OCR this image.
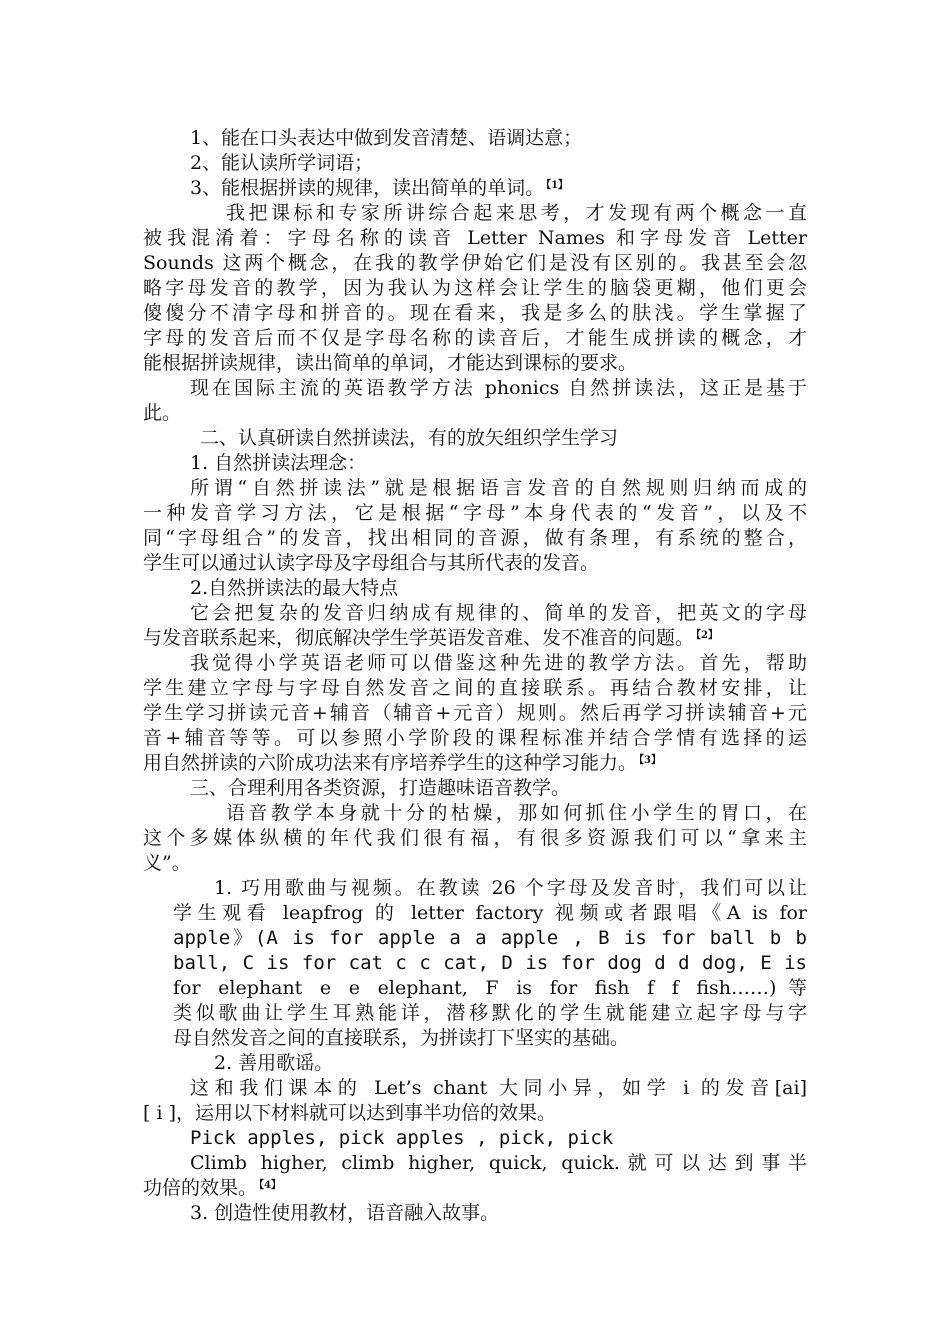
1、能在口头表达中做到发音清楚、语调达意；
2、能认读所学词语；
3、能根据拼读的规律，读出简单的单词。 $^{【1】}$
我把课标和专家所讲综合起来思考，才发现有两个概念一直
被我混淆着：字母名称的读音 Letter Names 和字母发音 Letter
Sounds 这两个概念，在我的教学伊始它们是没有区别的。我甚至会忽
略字母发音的教学，因为我认为这样会让学生的脑袋更糊，他们更会
傻傻分不清字母和拼音的。现在看来，我是多么的肤浅。学生掌握了
字母的发音后而不仅是字母名称的读音后，才能生成拼读的概念，才
能根据拼读规律，读出简单的单词，才能达到课标的要求。
现在国际主流的英语教学方法 phonics 自然拼读法，这正是基于
此。
二、认真研读自然拼读法，有的放矢组织学生学习
1. 自然拼读法理念：
所谓“自然拼读法”就是根据语言发音的自然规则归纳而成的
一种发音学习方法，它是根据“字母”本身代表的“发音”，以及不
同“字母组合”的发音，找出相同的音源，做有条理，有系统的整合，
学生可以通过认读字母及字母组合与其所代表的发音。
2.自然拼读法的最大特点
它会把复杂的发音归纳成有规律的、简单的发音，把英文的字母
与发音联系起来，彻底解决学生学英语发音难、发不准音的问题。 $^{【2】}$
我觉得小学英语老师可以借鉴这种先进的教学方法。首先，帮助
学生建立字母与字母自然发音之间的直接联系。再结合教材安排，让
学生学习拼读元音+辅音（辅音+元音）规则。然后再学习拼读辅音+元
音+辅音等等。可以参照小学阶段的课程标准并结合学情有选择的运
用自然拼读的六阶成功法来有序培养学生的这种学习能力。 $^{【3】}$
三、合理利用各类资源，打造趣味语音教学。
语音教学本身就十分的枯燥，那如何抓住小学生的胃口，在
这个多媒体纵横的年代我们很有福，有很多资源我们可以“拿来主
义”。
1. 巧用歌曲与视频。在教读 26 个字母及发音时，我们可以让
学生观看 leapfrog 的 letter factory 视频或者跟唱《A is for
apple》(A is for apple a a apple , B is for ball b b
ball, C is for cat c c cat, D is for dog d d dog, E is
for elephant e e elephant, F is for fish f f fish……)等
类似歌曲让学生耳熟能详，潜移默化的学生就能建立起字母与字
母自然发音之间的直接联系，为拼读打下坚实的基础。
2. 善用歌谣。
这和我们课本的 Let’s chant 大同小异，如学 i 的发音[ai]
[ i ]，运用以下材料就可以达到事半功倍的效果。
Pick apples, pick apples , pick, pick
Climb higher, climb higher, quick, quick.就可以达到事半
功倍的效果。 $^{【4】}$
3. 创造性使用教材，语音融入故事。
